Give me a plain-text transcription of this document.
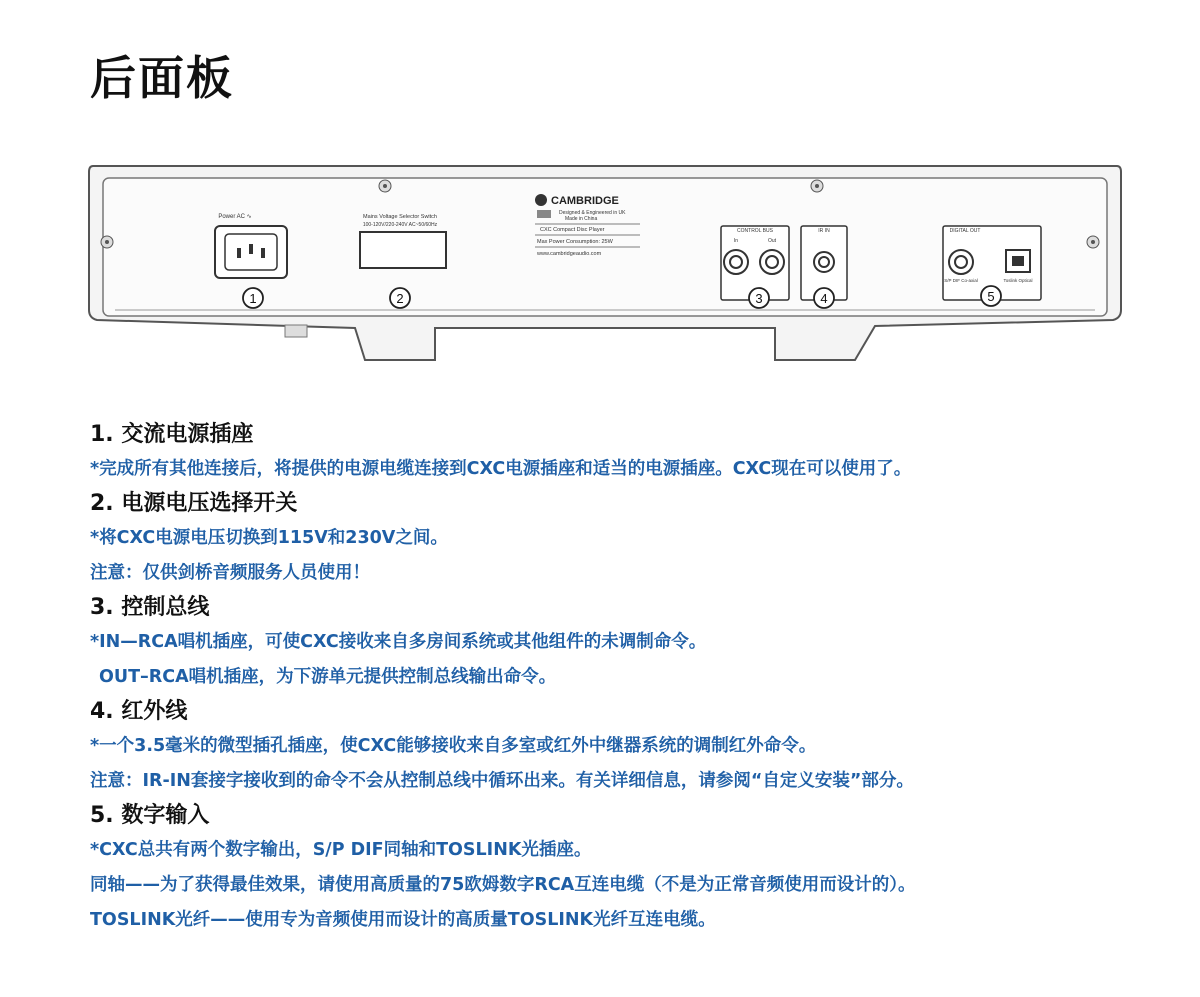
后面板
Power AC ∿	Mains Voltage Selector Switch
100-120V/220-240V AC~50/60Hz
CAMBRIDGE
Designed & Engineered in UK
Made in China
CXC Compact Disc Player
Max Power Consumption: 25W
www.cambridgeaudio.com
CONTROL BUS
In	Out
IR IN	DIGITAL OUT
S/P DIF Co-axial	Toslink Optical
1	2	3	4	5
1. 交流电源插座
*完成所有其他连接后，将提供的电源电缆连接到CXC电源插座和适当的电源插座。CXC现在可以使用了。
2. 电源电压选择开关
*将CXC电源电压切换到115V和230V之间。
注意：仅供剑桥音频服务人员使用！
3. 控制总线
*IN—RCA唱机插座，可使CXC接收来自多房间系统或其他组件的未调制命令。
OUT–RCA唱机插座，为下游单元提供控制总线输出命令。
4. 红外线
*一个3.5毫米的微型插孔插座，使CXC能够接收来自多室或红外中继器系统的调制红外命令。
注意：IR-IN套接字接收到的命令不会从控制总线中循环出来。有关详细信息，请参阅“自定义安装”部分。
5. 数字输入
*CXC总共有两个数字输出，S/P DIF同轴和TOSLINK光插座。
同轴——为了获得最佳效果，请使用高质量的75欧姆数字RCA互连电缆（不是为正常音频使用而设计的）。
TOSLINK光纤——使用专为音频使用而设计的高质量TOSLINK光纤互连电缆。
